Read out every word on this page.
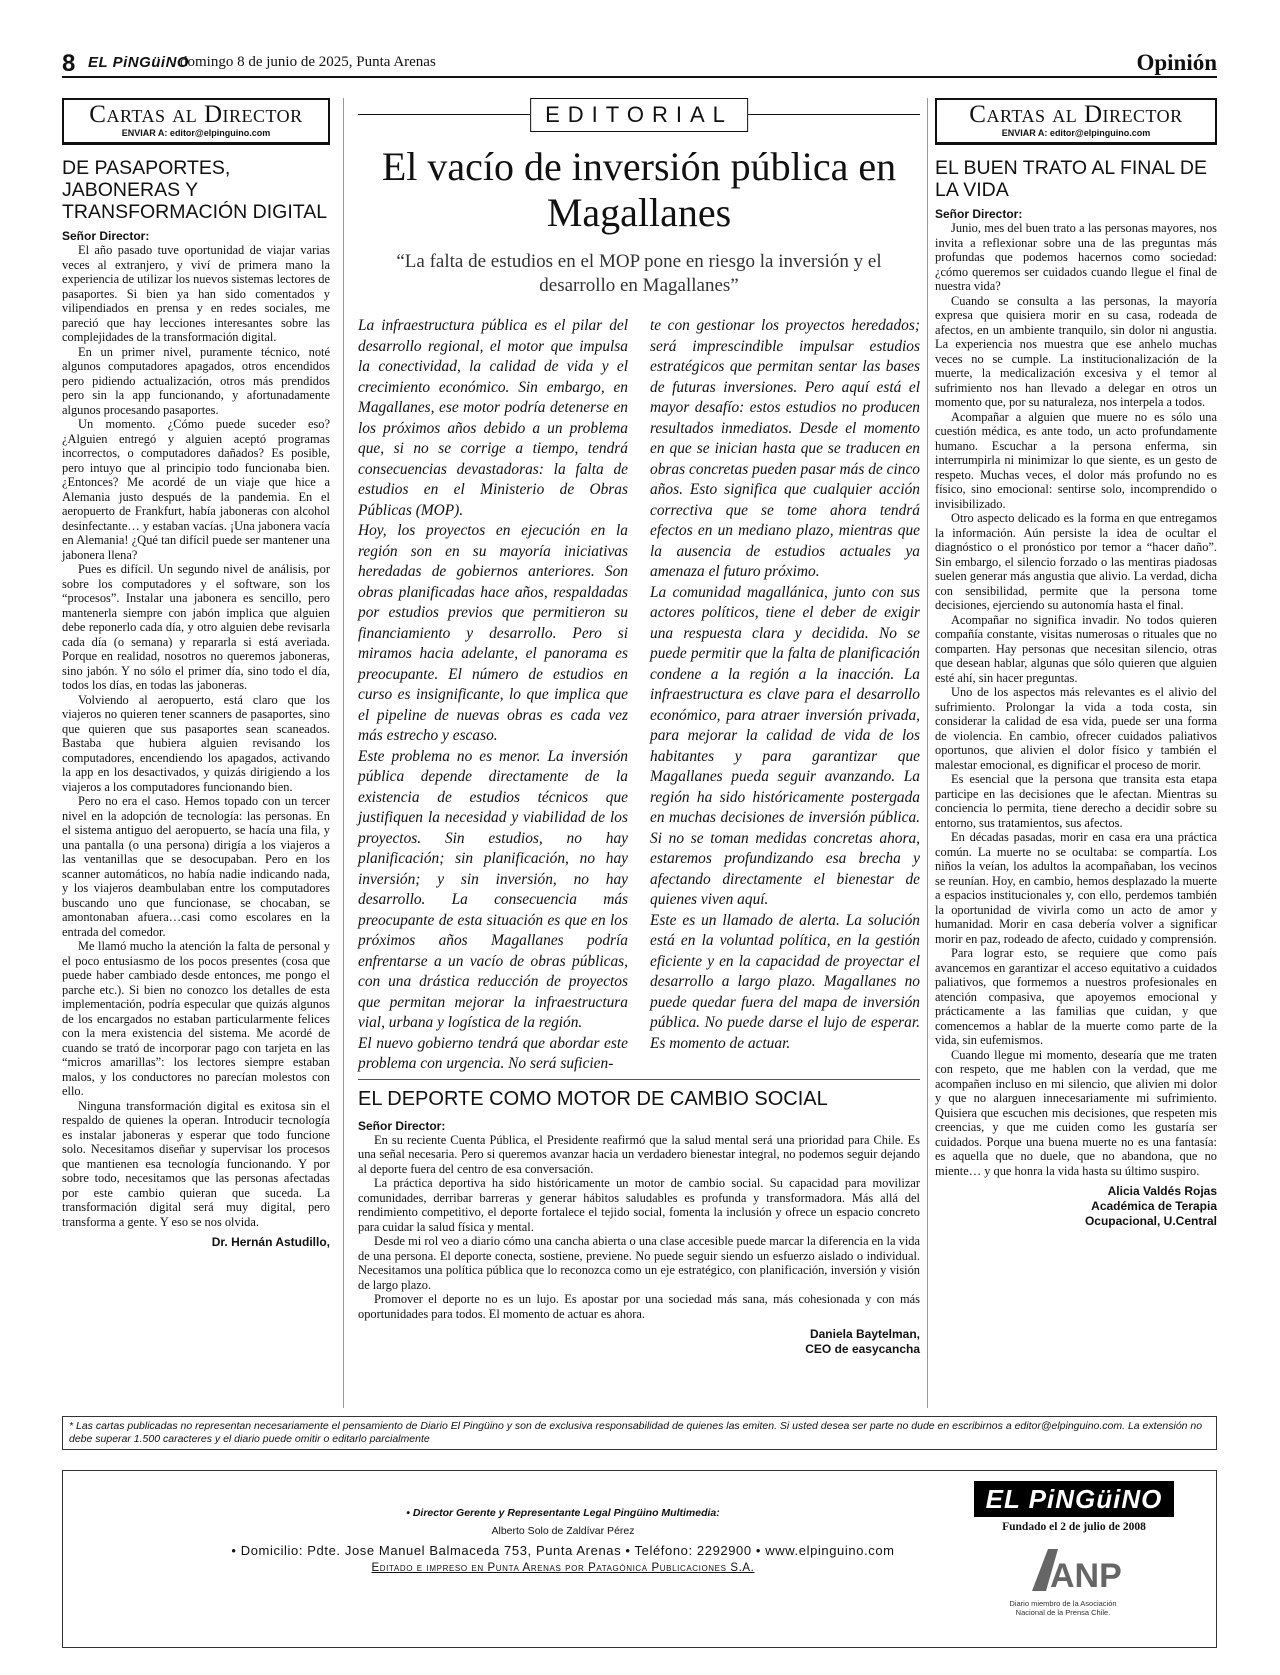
8 EL PiNGüiNO
domingo 8 de junio de 2025, Punta Arenas	Opinión
Cartas al Director
ENVIAR A: editor@elpinguino.com
DE PASAPORTES, JABONERAS Y TRANSFORMACIÓN DIGITAL
Señor Director:

El año pasado tuve oportunidad de viajar varias veces al extranjero, y viví de primera mano la experiencia de utilizar los nuevos sistemas lectores de pasaportes. Si bien ya han sido comentados y vilipendiados en prensa y en redes sociales, me pareció que hay lecciones interesantes sobre las complejidades de la transformación digital.

En un primer nivel, puramente técnico, noté algunos computadores apagados, otros encendidos pero pidiendo actualización, otros más prendidos pero sin la app funcionando, y afortunadamente algunos procesando pasaportes.

Un momento. ¿Cómo puede suceder eso? ¿Alguien entregó y alguien aceptó programas incorrectos, o computadores dañados? Es posible, pero intuyo que al principio todo funcionaba bien. ¿Entonces? Me acordé de un viaje que hice a Alemania justo después de la pandemia. En el aeropuerto de Frankfurt, había jaboneras con alcohol desinfectante… y estaban vacías. ¡Una jabonera vacía en Alemania! ¿Qué tan difícil puede ser mantener una jabonera llena?

Pues es difícil. Un segundo nivel de análisis, por sobre los computadores y el software, son los “procesos”. Instalar una jabonera es sencillo, pero mantenerla siempre con jabón implica que alguien debe reponerlo cada día, y otro alguien debe revisarla cada día (o semana) y repararla si está averiada. Porque en realidad, nosotros no queremos jaboneras, sino jabón. Y no sólo el primer día, sino todo el día, todos los días, en todas las jaboneras.

Volviendo al aeropuerto, está claro que los viajeros no quieren tener scanners de pasaportes, sino que quieren que sus pasaportes sean scaneados. Bastaba que hubiera alguien revisando los computadores, encendiendo los apagados, activando la app en los desactivados, y quizás dirigiendo a los viajeros a los computadores funcionando bien.

Pero no era el caso. Hemos topado con un tercer nivel en la adopción de tecnología: las personas. En el sistema antiguo del aeropuerto, se hacía una fila, y una pantalla (o una persona) dirigía a los viajeros a las ventanillas que se desocupaban. Pero en los scanner automáticos, no había nadie indicando nada, y los viajeros deambulaban entre los computadores buscando uno que funcionase, se chocaban, se amontonaban afuera…casi como escolares en la entrada del comedor.

Me llamó mucho la atención la falta de personal y el poco entusiasmo de los pocos presentes (cosa que puede haber cambiado desde entonces, me pongo el parche etc.). Si bien no conozco los detalles de esta implementación, podría especular que quizás algunos de los encargados no estaban particularmente felices con la mera existencia del sistema. Me acordé de cuando se trató de incorporar pago con tarjeta en las “micros amarillas”: los lectores siempre estaban malos, y los conductores no parecían molestos con ello.

Ninguna transformación digital es exitosa sin el respaldo de quienes la operan. Introducir tecnología es instalar jaboneras y esperar que todo funcione solo. Necesitamos diseñar y supervisar los procesos que mantienen esa tecnología funcionando. Y por sobre todo, necesitamos que las personas afectadas por este cambio quieran que suceda. La transformación digital será muy digital, pero transforma a gente. Y eso se nos olvida.

Dr. Hernán Astudillo,
EDITORIAL
El vacío de inversión pública en Magallanes
“La falta de estudios en el MOP pone en riesgo la inversión y el desarrollo en Magallanes”

La infraestructura pública es el pilar del desarrollo regional, el motor que impulsa la conectividad, la calidad de vida y el crecimiento económico. Sin embargo, en Magallanes, ese motor podría detenerse en los próximos años debido a un problema que, si no se corrige a tiempo, tendrá consecuencias devastadoras: la falta de estudios en el Ministerio de Obras Públicas (MOP).

Hoy, los proyectos en ejecución en la región son en su mayoría iniciativas heredadas de gobiernos anteriores. Son obras planificadas hace años, respaldadas por estudios previos que permitieron su financiamiento y desarrollo. Pero si miramos hacia adelante, el panorama es preocupante. El número de estudios en curso es insignificante, lo que implica que el pipeline de nuevas obras es cada vez más estrecho y escaso.

Este problema no es menor. La inversión pública depende directamente de la existencia de estudios técnicos que justifiquen la necesidad y viabilidad de los proyectos. Sin estudios, no hay planificación; sin planificación, no hay inversión; y sin inversión, no hay desarrollo. La consecuencia más preocupante de esta situación es que en los próximos años Magallanes podría enfrentarse a un vacío de obras públicas, con una drástica reducción de proyectos que permitan mejorar la infraestructura vial, urbana y logística de la región.

El nuevo gobierno tendrá que abordar este problema con urgencia. No será suficien-

te con gestionar los proyectos heredados; será imprescindible impulsar estudios estratégicos que permitan sentar las bases de futuras inversiones. Pero aquí está el mayor desafío: estos estudios no producen resultados inmediatos. Desde el momento en que se inician hasta que se traducen en obras concretas pueden pasar más de cinco años. Esto significa que cualquier acción correctiva que se tome ahora tendrá efectos en un mediano plazo, mientras que la ausencia de estudios actuales ya amenaza el futuro próximo.

La comunidad magallánica, junto con sus actores políticos, tiene el deber de exigir una respuesta clara y decidida. No se puede permitir que la falta de planificación condene a la región a la inacción. La infraestructura es clave para el desarrollo económico, para atraer inversión privada, para mejorar la calidad de vida de los habitantes y para garantizar que Magallanes pueda seguir avanzando. La región ha sido históricamente postergada en muchas decisiones de inversión pública. Si no se toman medidas concretas ahora, estaremos profundizando esa brecha y afectando directamente el bienestar de quienes viven aquí.

Este es un llamado de alerta. La solución está en la voluntad política, en la gestión eficiente y en la capacidad de proyectar el desarrollo a largo plazo. Magallanes no puede quedar fuera del mapa de inversión pública. No puede darse el lujo de esperar. Es momento de actuar.

EL DEPORTE COMO MOTOR DE CAMBIO SOCIAL
Señor Director:

En su reciente Cuenta Pública, el Presidente reafirmó que la salud mental será una prioridad para Chile. Es una señal necesaria. Pero si queremos avanzar hacia un verdadero bienestar integral, no podemos seguir dejando al deporte fuera del centro de esa conversación.

La práctica deportiva ha sido históricamente un motor de cambio social. Su capacidad para movilizar comunidades, derribar barreras y generar hábitos saludables es profunda y transformadora. Más allá del rendimiento competitivo, el deporte fortalece el tejido social, fomenta la inclusión y ofrece un espacio concreto para cuidar la salud física y mental.

Desde mi rol veo a diario cómo una cancha abierta o una clase accesible puede marcar la diferencia en la vida de una persona. El deporte conecta, sostiene, previene. No puede seguir siendo un esfuerzo aislado o individual. Necesitamos una política pública que lo reconozca como un eje estratégico, con planificación, inversión y visión de largo plazo.

Promover el deporte no es un lujo. Es apostar por una sociedad más sana, más cohesionada y con más oportunidades para todos. El momento de actuar es ahora.

Daniela Baytelman,
CEO de easycancha
Cartas al Director
ENVIAR A: editor@elpinguino.com
EL BUEN TRATO AL FINAL DE LA VIDA
Señor Director:

Junio, mes del buen trato a las personas mayores, nos invita a reflexionar sobre una de las preguntas más profundas que podemos hacernos como sociedad: ¿cómo queremos ser cuidados cuando llegue el final de nuestra vida?

Cuando se consulta a las personas, la mayoría expresa que quisiera morir en su casa, rodeada de afectos, en un ambiente tranquilo, sin dolor ni angustia. La experiencia nos muestra que ese anhelo muchas veces no se cumple. La institucionalización de la muerte, la medicalización excesiva y el temor al sufrimiento nos han llevado a delegar en otros un momento que, por su naturaleza, nos interpela a todos.

Acompañar a alguien que muere no es sólo una cuestión médica, es ante todo, un acto profundamente humano. Escuchar a la persona enferma, sin interrumpirla ni minimizar lo que siente, es un gesto de respeto. Muchas veces, el dolor más profundo no es físico, sino emocional: sentirse solo, incomprendido o invisibilizado.

Otro aspecto delicado es la forma en que entregamos la información. Aún persiste la idea de ocultar el diagnóstico o el pronóstico por temor a “hacer daño”. Sin embargo, el silencio forzado o las mentiras piadosas suelen generar más angustia que alivio. La verdad, dicha con sensibilidad, permite que la persona tome decisiones, ejerciendo su autonomía hasta el final.

Acompañar no significa invadir. No todos quieren compañía constante, visitas numerosas o rituales que no comparten. Hay personas que necesitan silencio, otras que desean hablar, algunas que sólo quieren que alguien esté ahí, sin hacer preguntas.

Uno de los aspectos más relevantes es el alivio del sufrimiento. Prolongar la vida a toda costa, sin considerar la calidad de esa vida, puede ser una forma de violencia. En cambio, ofrecer cuidados paliativos oportunos, que alivien el dolor físico y también el malestar emocional, es dignificar el proceso de morir.

Es esencial que la persona que transita esta etapa participe en las decisiones que le afectan. Mientras su conciencia lo permita, tiene derecho a decidir sobre su entorno, sus tratamientos, sus afectos.

En décadas pasadas, morir en casa era una práctica común. La muerte no se ocultaba: se compartía. Los niños la veían, los adultos la acompañaban, los vecinos se reunían. Hoy, en cambio, hemos desplazado la muerte a espacios institucionales y, con ello, perdemos también la oportunidad de vivirla como un acto de amor y humanidad. Morir en casa debería volver a significar morir en paz, rodeado de afecto, cuidado y comprensión.

Para lograr esto, se requiere que como país avancemos en garantizar el acceso equitativo a cuidados paliativos, que formemos a nuestros profesionales en atención compasiva, que apoyemos emocional y prácticamente a las familias que cuidan, y que comencemos a hablar de la muerte como parte de la vida, sin eufemismos.

Cuando llegue mi momento, desearía que me traten con respeto, que me hablen con la verdad, que me acompañen incluso en mi silencio, que alivien mi dolor y que no alarguen innecesariamente mi sufrimiento. Quisiera que escuchen mis decisiones, que respeten mis creencias, y que me cuiden como les gustaría ser cuidados. Porque una buena muerte no es una fantasía: es aquella que no duele, que no abandona, que no miente… y que honra la vida hasta su último suspiro.

Alicia Valdés Rojas
Académica de Terapia
Ocupacional, U.Central
* Las cartas publicadas no representan necesariamente el pensamiento de Diario El Pingüino y son de exclusiva responsabilidad de quienes las emiten. Si usted desea ser parte no dude en escribirnos a editor@elpinguino.com. La extensión no debe superar 1.500 caracteres y el diario puede omitir o editarlo parcialmente
• Director Gerente y Representante Legal Pingüino Multimedia:
Alberto Solo de Zaldívar Pérez
• Domicilio: Pdte. Jose Manuel Balmaceda 753, Punta Arenas • Teléfono: 2292900 • www.elpinguino.com
Editado e impreso en Punta Arenas por Patagónica Publicaciones S.A.
EL PiNGüiNO
Fundado el 2 de julio de 2008
ANP
Diario miembro de la Asociación Nacional de la Prensa Chile.
